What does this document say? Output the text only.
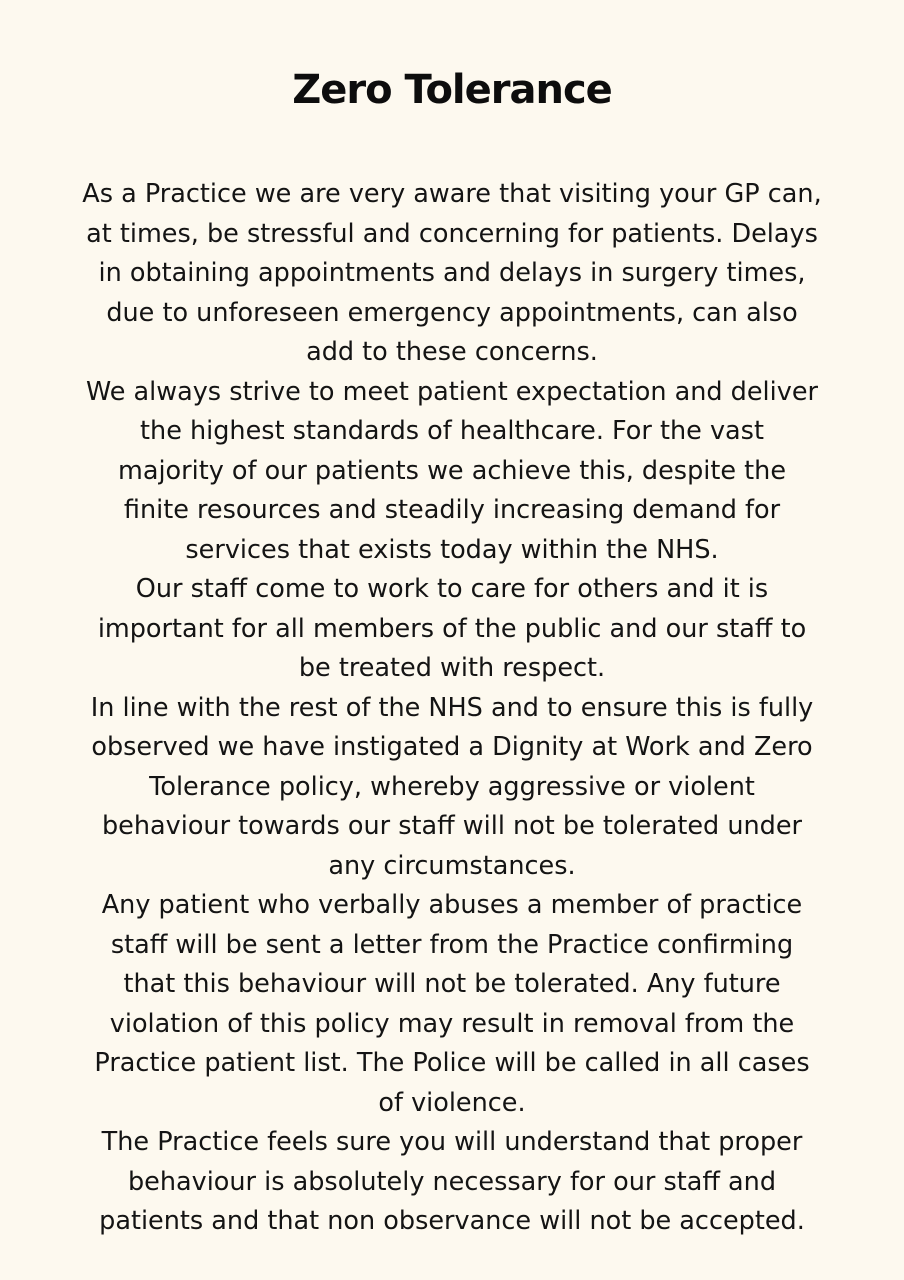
Zero Tolerance
As a Practice we are very aware that visiting your GP can,
at times, be stressful and concerning for patients. Delays
in obtaining appointments and delays in surgery times,
due to unforeseen emergency appointments, can also
add to these concerns.
We always strive to meet patient expectation and deliver
the highest standards of healthcare. For the vast
majority of our patients we achieve this, despite the
finite resources and steadily increasing demand for
services that exists today within the NHS.
Our staff come to work to care for others and it is
important for all members of the public and our staff to
be treated with respect.
In line with the rest of the NHS and to ensure this is fully
observed we have instigated a Dignity at Work and Zero
Tolerance policy, whereby aggressive or violent
behaviour towards our staff will not be tolerated under
any circumstances.
Any patient who verbally abuses a member of practice
staff will be sent a letter from the Practice confirming
that this behaviour will not be tolerated. Any future
violation of this policy may result in removal from the
Practice patient list. The Police will be called in all cases
of violence.
The Practice feels sure you will understand that proper
behaviour is absolutely necessary for our staff and
patients and that non observance will not be accepted.
